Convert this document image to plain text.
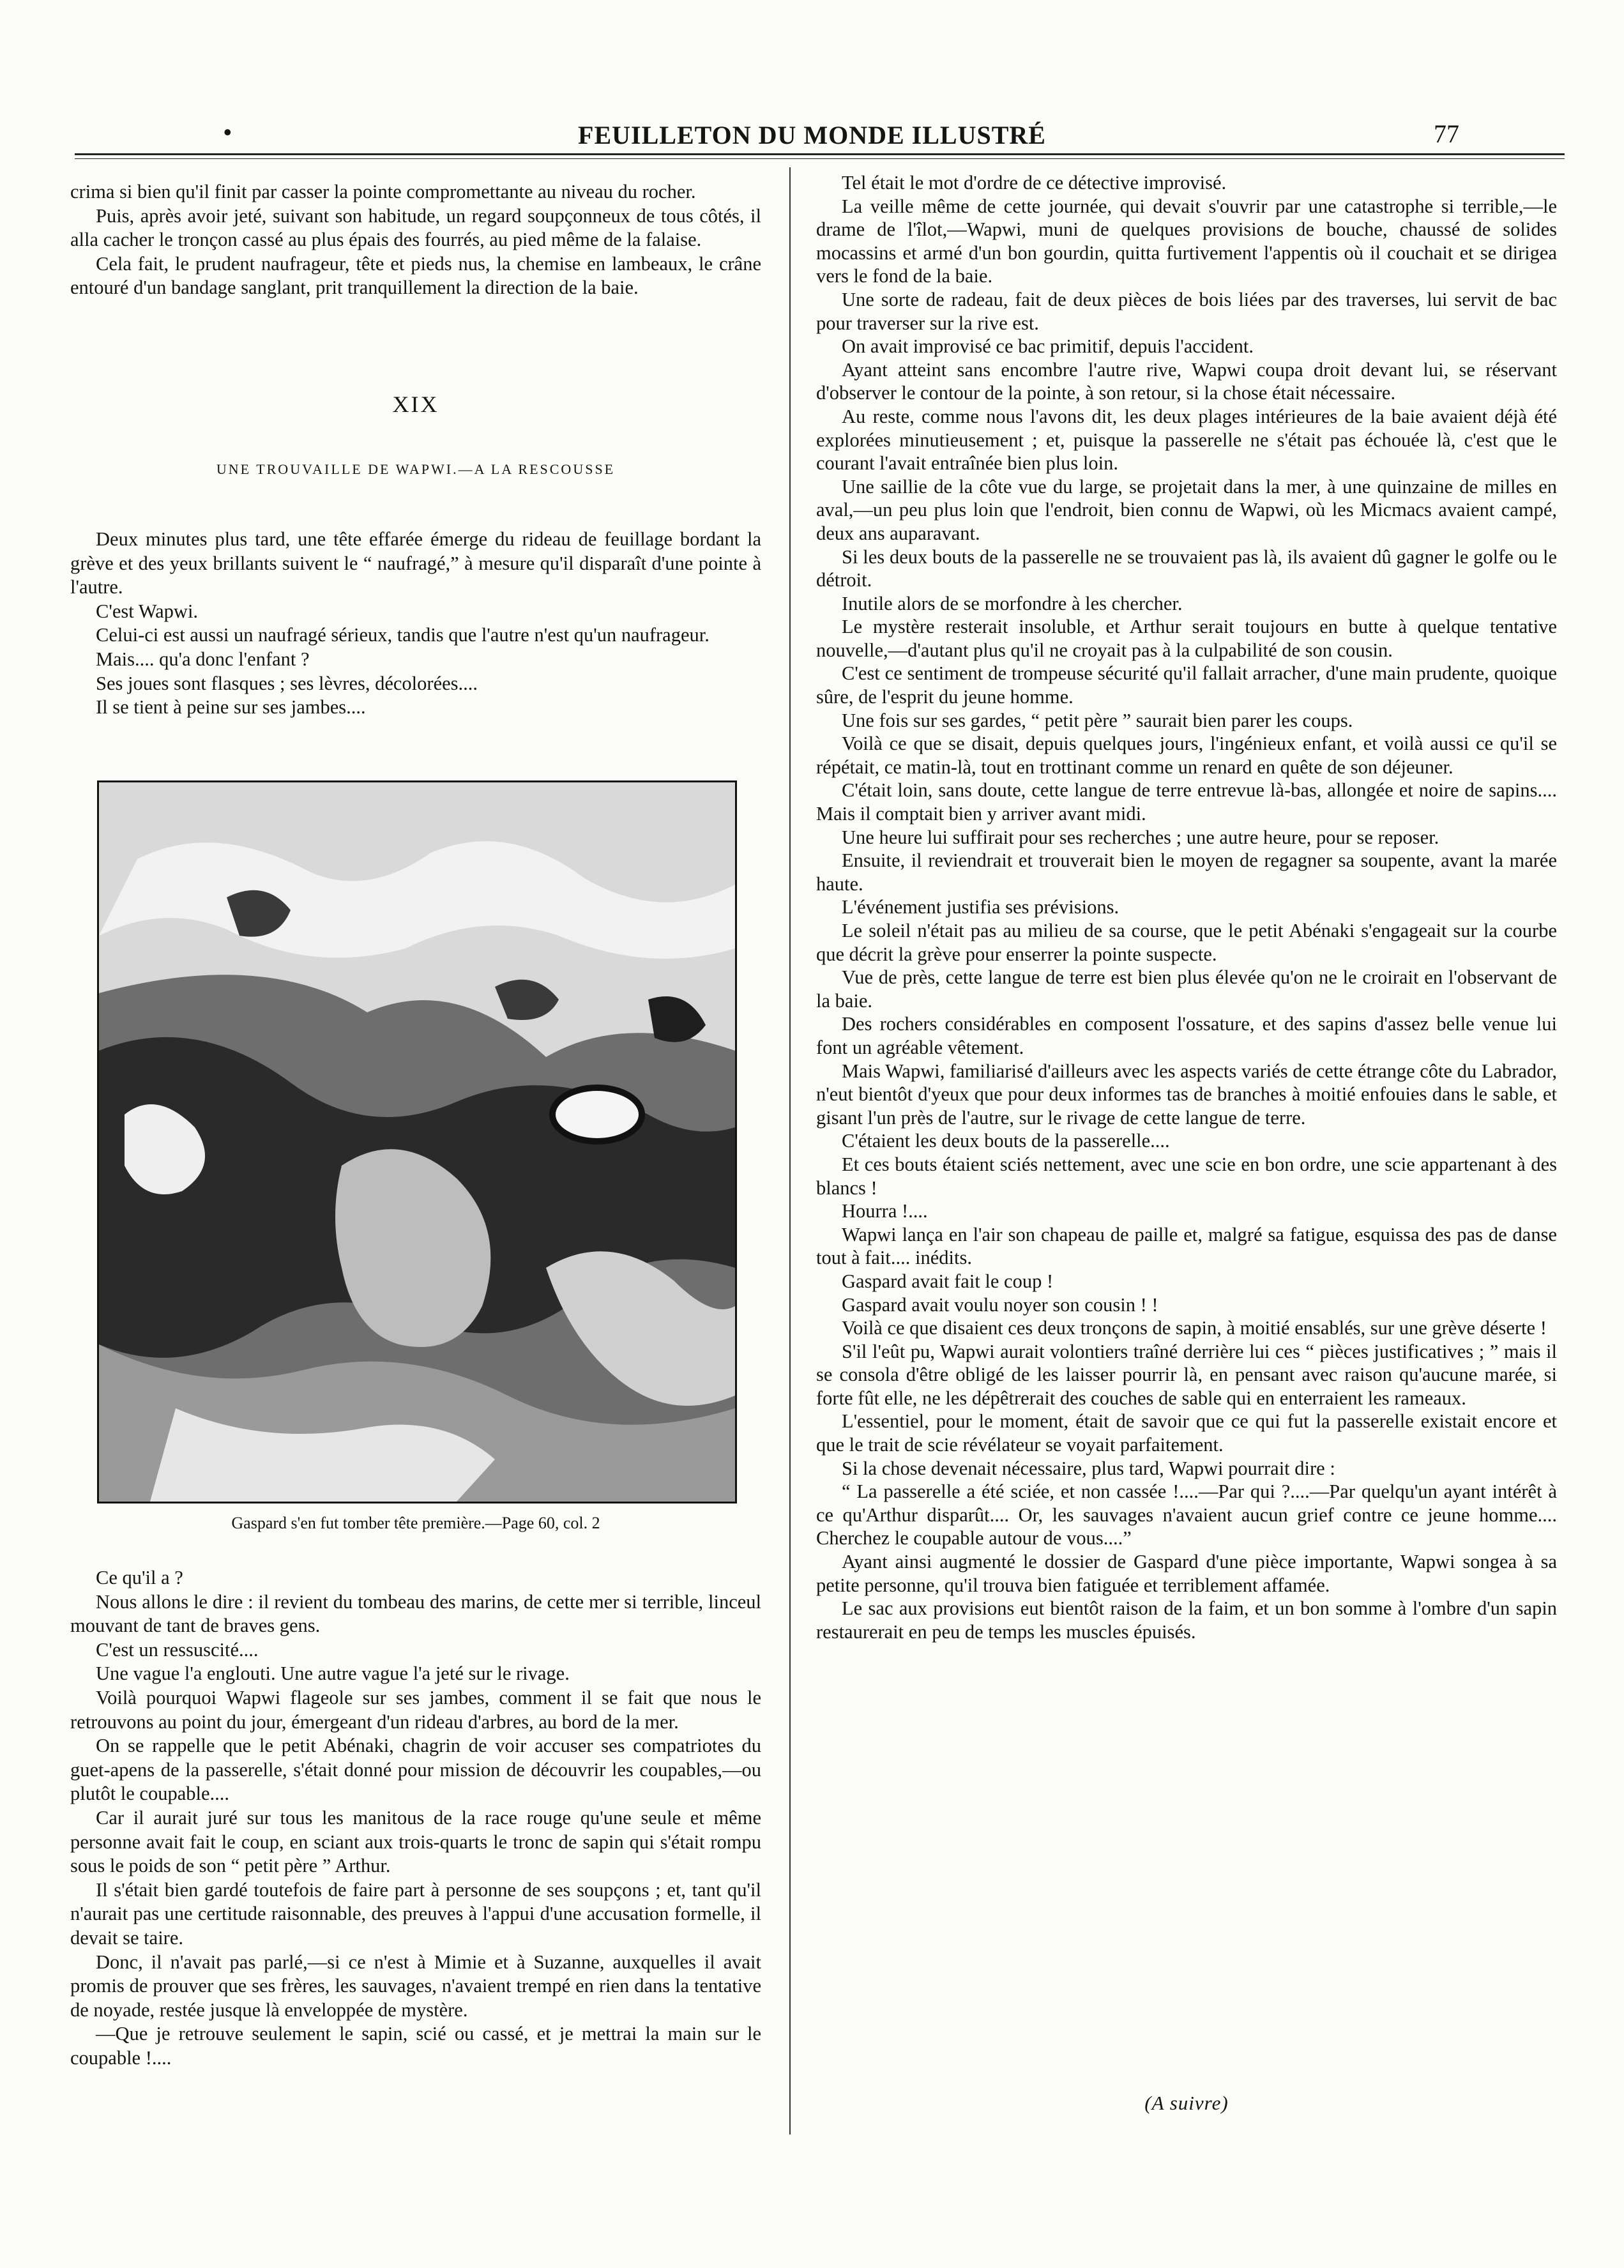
•	FEUILLETON DU MONDE ILLUSTRÉ	77

crima si bien qu'il finit par casser la pointe compromettante au niveau du rocher.

Puis, après avoir jeté, suivant son habitude, un regard soupçonneux de tous côtés, il alla cacher le tronçon cassé au plus épais des fourrés, au pied même de la falaise.

Cela fait, le prudent naufrageur, tête et pieds nus, la chemise en lambeaux, le crâne entouré d'un bandage sanglant, prit tranquillement la direction de la baie.

XIX
UNE TROUVAILLE DE WAPWI.—A LA RESCOUSSE

Deux minutes plus tard, une tête effarée émerge du rideau de feuillage bordant la grève et des yeux brillants suivent le “ naufragé,” à mesure qu'il disparaît d'une pointe à l'autre.

C'est Wapwi.

Celui-ci est aussi un naufragé sérieux, tandis que l'autre n'est qu'un naufrageur.

Mais.... qu'a donc l'enfant ?

Ses joues sont flasques ; ses lèvres, décolorées....

Il se tient à peine sur ses jambes....

Gaspard s'en fut tomber tête première.—Page 60, col. 2

Ce qu'il a ?

Nous allons le dire : il revient du tombeau des marins, de cette mer si terrible, linceul mouvant de tant de braves gens.

C'est un ressuscité....

Une vague l'a englouti. Une autre vague l'a jeté sur le rivage.

Voilà pourquoi Wapwi flageole sur ses jambes, comment il se fait que nous le retrouvons au point du jour, émergeant d'un rideau d'arbres, au bord de la mer.

On se rappelle que le petit Abénaki, chagrin de voir accuser ses compatriotes du guet-apens de la passerelle, s'était donné pour mission de découvrir les coupables,—ou plutôt le coupable....

Car il aurait juré sur tous les manitous de la race rouge qu'une seule et même personne avait fait le coup, en sciant aux trois-quarts le tronc de sapin qui s'était rompu sous le poids de son “ petit père ” Arthur.

Il s'était bien gardé toutefois de faire part à personne de ses soupçons ; et, tant qu'il n'aurait pas une certitude raisonnable, des preuves à l'appui d'une accusation formelle, il devait se taire.

Donc, il n'avait pas parlé,—si ce n'est à Mimie et à Suzanne, auxquelles il avait promis de prouver que ses frères, les sauvages, n'avaient trempé en rien dans la tentative de noyade, restée jusque là enveloppée de mystère.

—Que je retrouve seulement le sapin, scié ou cassé, et je mettrai la main sur le coupable !....

Tel était le mot d'ordre de ce détective improvisé.

La veille même de cette journée, qui devait s'ouvrir par une catastrophe si terrible,—le drame de l'îlot,—Wapwi, muni de quelques provisions de bouche, chaussé de solides mocassins et armé d'un bon gourdin, quitta furtivement l'appentis où il couchait et se dirigea vers le fond de la baie.

Une sorte de radeau, fait de deux pièces de bois liées par des traverses, lui servit de bac pour traverser sur la rive est.

On avait improvisé ce bac primitif, depuis l'accident.

Ayant atteint sans encombre l'autre rive, Wapwi coupa droit devant lui, se réservant d'observer le contour de la pointe, à son retour, si la chose était nécessaire.

Au reste, comme nous l'avons dit, les deux plages intérieures de la baie avaient déjà été explorées minutieusement ; et, puisque la passerelle ne s'était pas échouée là, c'est que le courant l'avait entraînée bien plus loin.

Une saillie de la côte vue du large, se projetait dans la mer, à une quinzaine de milles en aval,—un peu plus loin que l'endroit, bien connu de Wapwi, où les Micmacs avaient campé, deux ans auparavant.

Si les deux bouts de la passerelle ne se trouvaient pas là, ils avaient dû gagner le golfe ou le détroit.

Inutile alors de se morfondre à les chercher.

Le mystère resterait insoluble, et Arthur serait toujours en butte à quelque tentative nouvelle,—d'autant plus qu'il ne croyait pas à la culpabilité de son cousin.

C'est ce sentiment de trompeuse sécurité qu'il fallait arracher, d'une main prudente, quoique sûre, de l'esprit du jeune homme.

Une fois sur ses gardes, “ petit père ” saurait bien parer les coups.

Voilà ce que se disait, depuis quelques jours, l'ingénieux enfant, et voilà aussi ce qu'il se répétait, ce matin-là, tout en trottinant comme un renard en quête de son déjeuner.

C'était loin, sans doute, cette langue de terre entrevue là-bas, allongée et noire de sapins.... Mais il comptait bien y arriver avant midi.

Une heure lui suffirait pour ses recherches ; une autre heure, pour se reposer.

Ensuite, il reviendrait et trouverait bien le moyen de regagner sa soupente, avant la marée haute.

L'événement justifia ses prévisions.

Le soleil n'était pas au milieu de sa course, que le petit Abénaki s'engageait sur la courbe que décrit la grève pour enserrer la pointe suspecte.

Vue de près, cette langue de terre est bien plus élevée qu'on ne le croirait en l'observant de la baie.

Des rochers considérables en composent l'ossature, et des sapins d'assez belle venue lui font un agréable vêtement.

Mais Wapwi, familiarisé d'ailleurs avec les aspects variés de cette étrange côte du Labrador, n'eut bientôt d'yeux que pour deux informes tas de branches à moitié enfouies dans le sable, et gisant l'un près de l'autre, sur le rivage de cette langue de terre.

C'étaient les deux bouts de la passerelle....

Et ces bouts étaient sciés nettement, avec une scie en bon ordre, une scie appartenant à des blancs !

Hourra !....

Wapwi lança en l'air son chapeau de paille et, malgré sa fatigue, esquissa des pas de danse tout à fait.... inédits.

Gaspard avait fait le coup !

Gaspard avait voulu noyer son cousin ! !

Voilà ce que disaient ces deux tronçons de sapin, à moitié ensablés, sur une grève déserte !

S'il l'eût pu, Wapwi aurait volontiers traîné derrière lui ces “ pièces justificatives ; ” mais il se consola d'être obligé de les laisser pourrir là, en pensant avec raison qu'aucune marée, si forte fût elle, ne les dépêtrerait des couches de sable qui en enterraient les rameaux.

L'essentiel, pour le moment, était de savoir que ce qui fut la passerelle existait encore et que le trait de scie révélateur se voyait parfaitement.

Si la chose devenait nécessaire, plus tard, Wapwi pourrait dire :

“ La passerelle a été sciée, et non cassée !....—Par qui ?....—Par quelqu'un ayant intérêt à ce qu'Arthur disparût.... Or, les sauvages n'avaient aucun grief contre ce jeune homme.... Cherchez le coupable autour de vous....”

Ayant ainsi augmenté le dossier de Gaspard d'une pièce importante, Wapwi songea à sa petite personne, qu'il trouva bien fatiguée et terriblement affamée.

Le sac aux provisions eut bientôt raison de la faim, et un bon somme à l'ombre d'un sapin restaurerait en peu de temps les muscles épuisés.

(A suivre)
